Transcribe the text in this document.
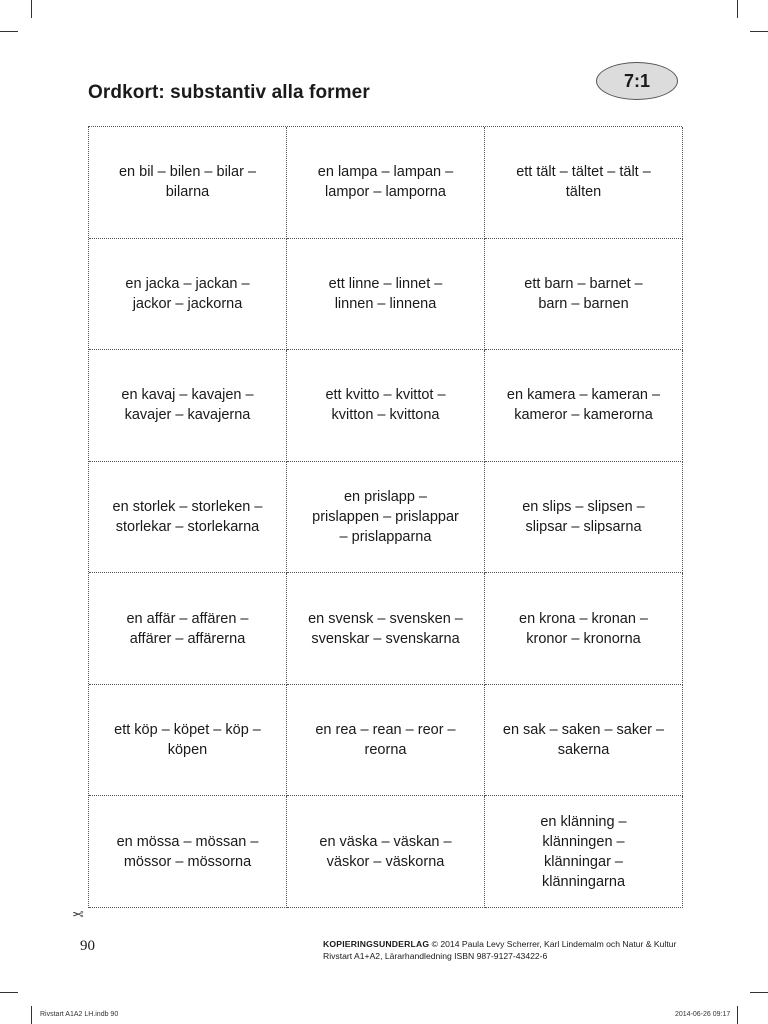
Ordkort: substantiv alla former
7:1
en bil – bilen – bilar –
bilarna
en lampa – lampan –
lampor – lamporna
ett tält – tältet – tält –
tälten
en jacka – jackan –
jackor – jackorna
ett linne – linnet –
linnen – linnena
ett barn – barnet –
barn – barnen
en kavaj – kavajen –
kavajer – kavajerna
ett kvitto – kvittot –
kvitton – kvittona
en kamera – kameran –
kameror – kamerorna
en storlek – storleken –
storlekar – storlekarna
en prislapp –
prislappen – prislappar
– prislapparna
en slips – slipsen –
slipsar – slipsarna
en affär – affären –
affärer – affärerna
en svensk – svensken –
svenskar – svenskarna
en krona – kronan –
kronor – kronorna
ett köp – köpet – köp –
köpen
en rea – rean – reor –
reorna
en sak – saken – saker –
sakerna
en mössa – mössan –
mössor – mössorna
en väska – väskan –
väskor – väskorna
en klänning –
klänningen –
klänningar –
klänningarna
✂
90	KOPIERINGSUNDERLAG © 2014 Paula Levy Scherrer, Karl Lindemalm och Natur & Kultur
Rivstart A1+A2, Lärarhandledning ISBN 987-9127-43422-6
Rivstart A1A2 LH.indb 90	2014-06-26 09:17
